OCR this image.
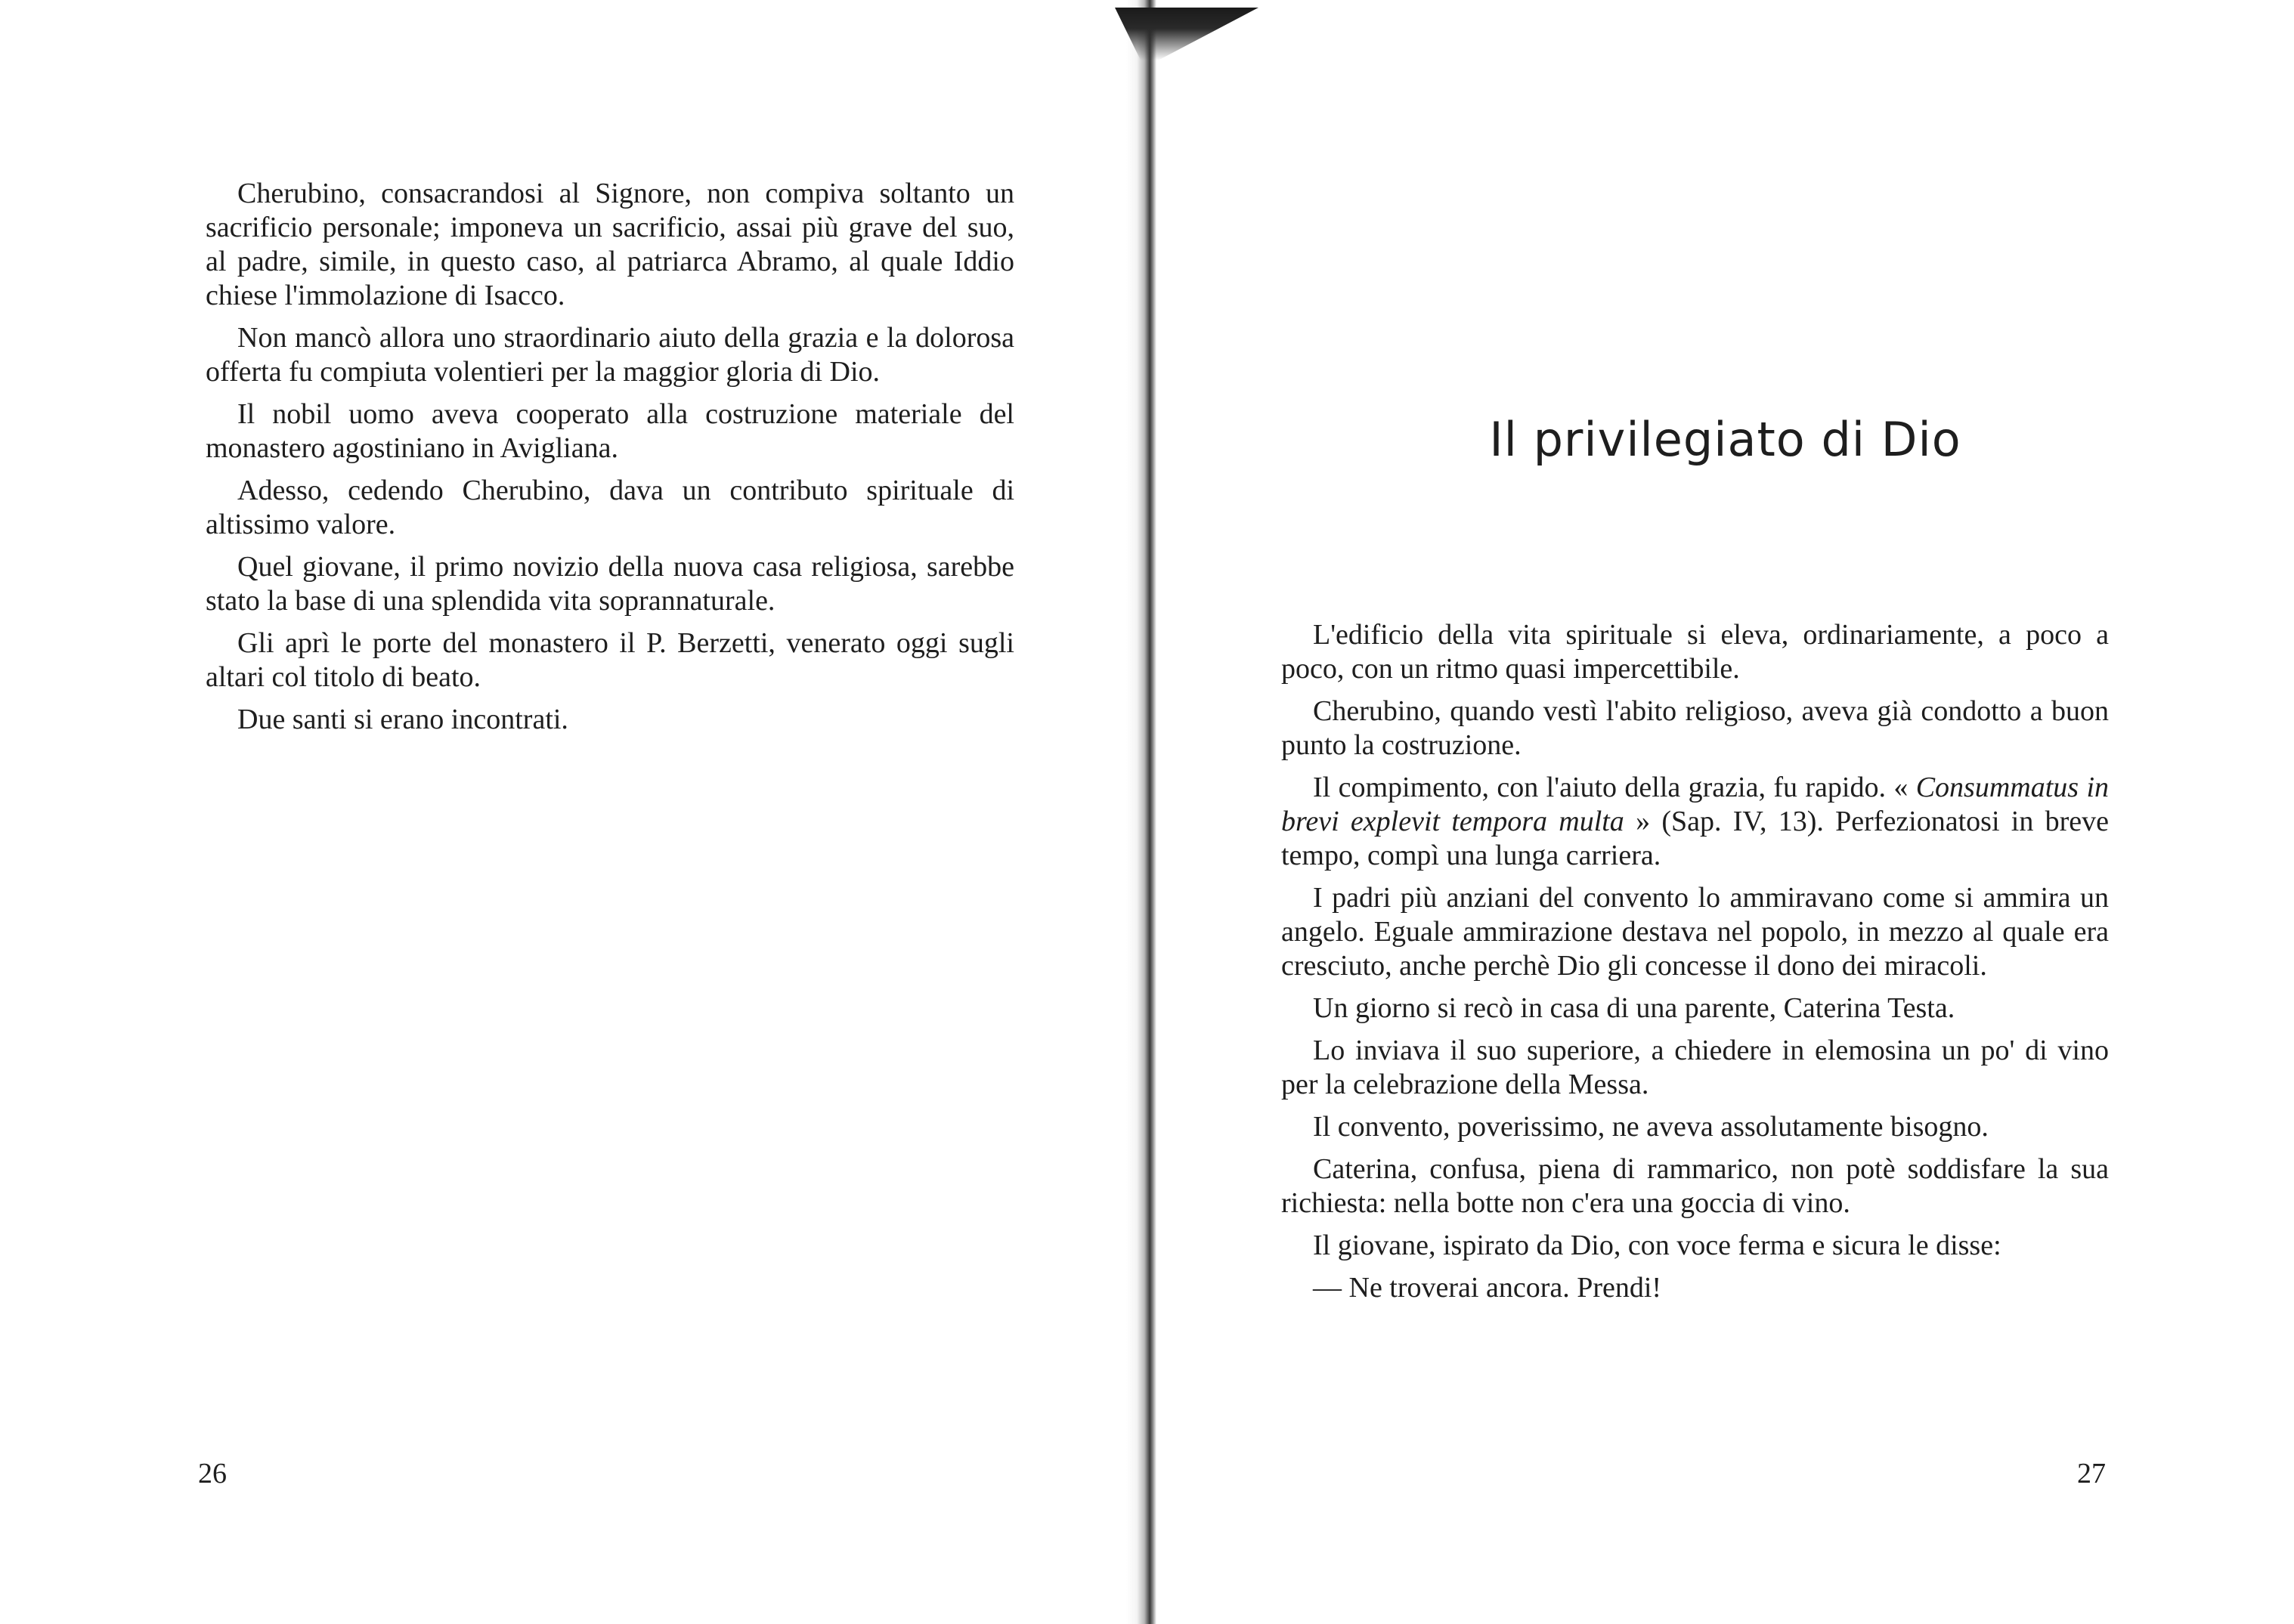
Cherubino, consacrandosi al Signore, non compiva soltanto un sacrificio personale; imponeva un sacrificio, assai più grave del suo, al padre, simile, in questo caso, al patriarca Abramo, al quale Iddio chiese l'immolazione di Isacco.

Non mancò allora uno straordinario aiuto della grazia e la dolorosa offerta fu compiuta volentieri per la maggior gloria di Dio.

Il nobil uomo aveva cooperato alla costruzione materiale del monastero agostiniano in Avigliana.

Adesso, cedendo Cherubino, dava un contributo spirituale di altissimo valore.

Quel giovane, il primo novizio della nuova casa religiosa, sarebbe stato la base di una splendida vita soprannaturale.

Gli aprì le porte del monastero il P. Berzetti, venerato oggi sugli altari col titolo di beato.

Due santi si erano incontrati.

26
Il privilegiato di Dio

L'edificio della vita spirituale si eleva, ordinariamente, a poco a poco, con un ritmo quasi impercettibile.

Cherubino, quando vestì l'abito religioso, aveva già condotto a buon punto la costruzione.

Il compimento, con l'aiuto della grazia, fu rapido. « Consummatus in brevi explevit tempora multa » (Sap. IV, 13). Perfezionatosi in breve tempo, compì una lunga carriera.

I padri più anziani del convento lo ammiravano come si ammira un angelo. Eguale ammirazione destava nel popolo, in mezzo al quale era cresciuto, anche perchè Dio gli concesse il dono dei miracoli.

Un giorno si recò in casa di una parente, Caterina Testa.

Lo inviava il suo superiore, a chiedere in elemosina un po' di vino per la celebrazione della Messa.

Il convento, poverissimo, ne aveva assolutamente bisogno.

Caterina, confusa, piena di rammarico, non potè soddisfare la sua richiesta: nella botte non c'era una goccia di vino.

Il giovane, ispirato da Dio, con voce ferma e sicura le disse:

— Ne troverai ancora. Prendi!

27
